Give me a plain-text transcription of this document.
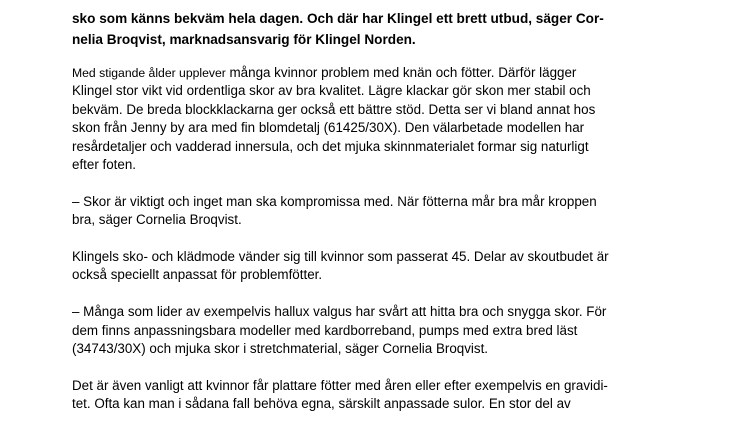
sko som känns bekväm hela dagen. Och där har Klingel ett brett utbud, säger Cor-
nelia Broqvist, marknadsansvarig för Klingel Norden.

Med stigande ålder upplever många kvinnor problem med knän och fötter. Därför lägger
Klingel stor vikt vid ordentliga skor av bra kvalitet. Lägre klackar gör skon mer stabil och
bekväm. De breda blockklackarna ger också ett bättre stöd. Detta ser vi bland annat hos
skon från Jenny by ara med fin blomdetalj (61425/30X). Den välarbetade modellen har
resårdetaljer och vadderad innersula, och det mjuka skinnmaterialet formar sig naturligt
efter foten.

– Skor är viktigt och inget man ska kompromissa med. När fötterna mår bra mår kroppen
bra, säger Cornelia Broqvist.

Klingels sko- och klädmode vänder sig till kvinnor som passerat 45. Delar av skoutbudet är
också speciellt anpassat för problemfötter.

– Många som lider av exempelvis hallux valgus har svårt att hitta bra och snygga skor. För
dem finns anpassningsbara modeller med kardborreband, pumps med extra bred läst
(34743/30X) och mjuka skor i stretchmaterial, säger Cornelia Broqvist.

Det är även vanligt att kvinnor får plattare fötter med åren eller efter exempelvis en gravidi-
tet. Ofta kan man i sådana fall behöva egna, särskilt anpassade sulor. En stor del av
